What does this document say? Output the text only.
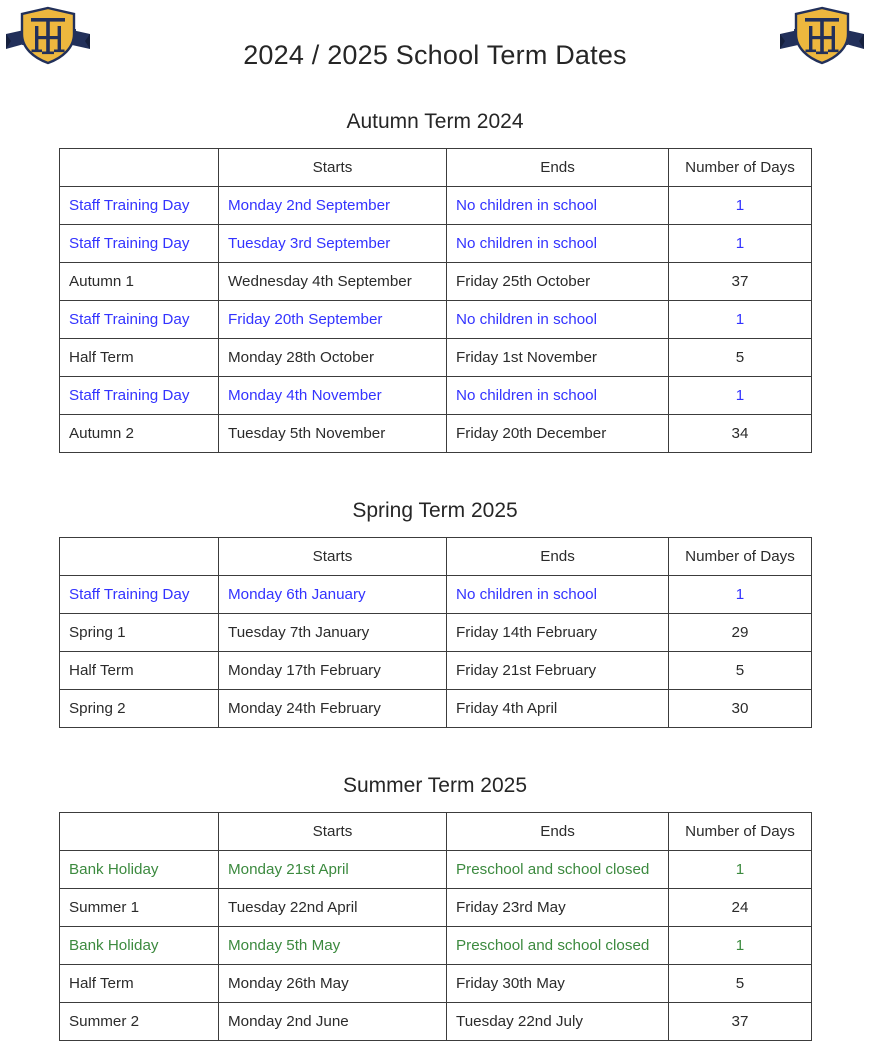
2024 / 2025 School Term Dates
Autumn Term 2024
	Starts	Ends	Number of Days
Staff Training Day	Monday 2nd September	No children in school	1
Staff Training Day	Tuesday 3rd September	No children in school	1
Autumn 1	Wednesday 4th September	Friday 25th October	37
Staff Training Day	Friday 20th September	No children in school	1
Half Term	Monday 28th October	Friday 1st November	5
Staff Training Day	Monday 4th November	No children in school	1
Autumn 2	Tuesday 5th November	Friday 20th December	34
Spring Term 2025
	Starts	Ends	Number of Days
Staff Training Day	Monday 6th January	No children in school	1
Spring 1	Tuesday 7th January	Friday 14th February	29
Half Term	Monday 17th February	Friday 21st February	5
Spring 2	Monday 24th February	Friday 4th April	30
Summer Term 2025
	Starts	Ends	Number of Days
Bank Holiday	Monday 21st April	Preschool and school closed	1
Summer 1	Tuesday 22nd April	Friday 23rd May	24
Bank Holiday	Monday 5th May	Preschool and school closed	1
Half Term	Monday 26th May	Friday 30th May	5
Summer 2	Monday 2nd June	Tuesday 22nd July	37
